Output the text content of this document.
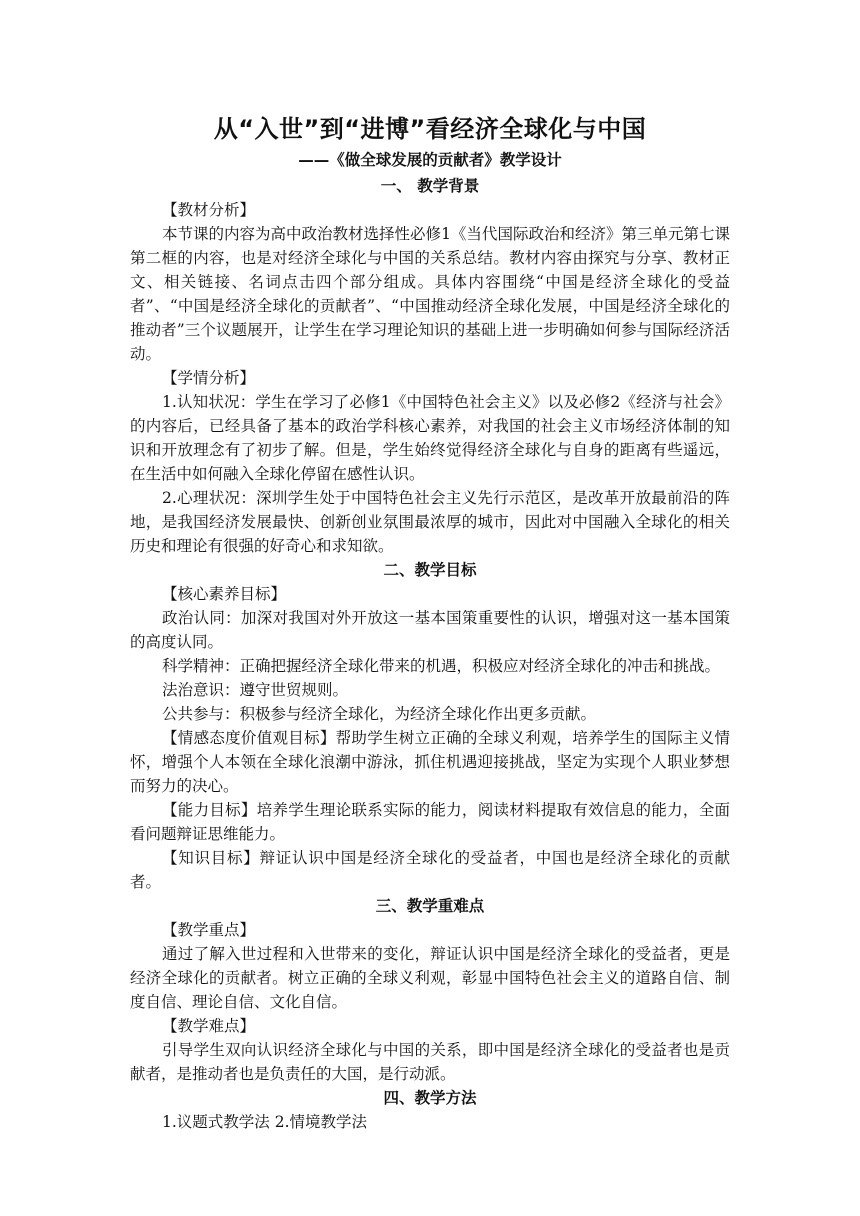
从“入世”到“进博”看经济全球化与中国

——《做全球发展的贡献者》教学设计

一、 教学背景

【教材分析】

本节课的内容为高中政治教材选择性必修1《当代国际政治和经济》第三单元第七课第二框的内容，也是对经济全球化与中国的关系总结。教材内容由探究与分享、教材正文、相关链接、名词点击四个部分组成。具体内容围绕“中国是经济全球化的受益者”、“中国是经济全球化的贡献者”、“中国推动经济全球化发展，中国是经济全球化的推动者”三个议题展开，让学生在学习理论知识的基础上进一步明确如何参与国际经济活动。

【学情分析】

1.认知状况：学生在学习了必修1《中国特色社会主义》以及必修2《经济与社会》的内容后，已经具备了基本的政治学科核心素养，对我国的社会主义市场经济体制的知识和开放理念有了初步了解。但是，学生始终觉得经济全球化与自身的距离有些遥远，在生活中如何融入全球化停留在感性认识。

2.心理状况：深圳学生处于中国特色社会主义先行示范区，是改革开放最前沿的阵地，是我国经济发展最快、创新创业氛围最浓厚的城市，因此对中国融入全球化的相关历史和理论有很强的好奇心和求知欲。

二、教学目标

【核心素养目标】

政治认同：加深对我国对外开放这一基本国策重要性的认识，增强对这一基本国策的高度认同。

科学精神：正确把握经济全球化带来的机遇，积极应对经济全球化的冲击和挑战。

法治意识：遵守世贸规则。

公共参与：积极参与经济全球化，为经济全球化作出更多贡献。

【情感态度价值观目标】帮助学生树立正确的全球义利观，培养学生的国际主义情怀，增强个人本领在全球化浪潮中游泳，抓住机遇迎接挑战，坚定为实现个人职业梦想而努力的决心。

【能力目标】培养学生理论联系实际的能力，阅读材料提取有效信息的能力，全面看问题辩证思维能力。

【知识目标】辩证认识中国是经济全球化的受益者，中国也是经济全球化的贡献者。

三、教学重难点

【教学重点】

通过了解入世过程和入世带来的变化，辩证认识中国是经济全球化的受益者，更是经济全球化的贡献者。树立正确的全球义利观，彰显中国特色社会主义的道路自信、制度自信、理论自信、文化自信。

【教学难点】

引导学生双向认识经济全球化与中国的关系，即中国是经济全球化的受益者也是贡献者，是推动者也是负责任的大国，是行动派。

四、教学方法

1.议题式教学法 2.情境教学法
